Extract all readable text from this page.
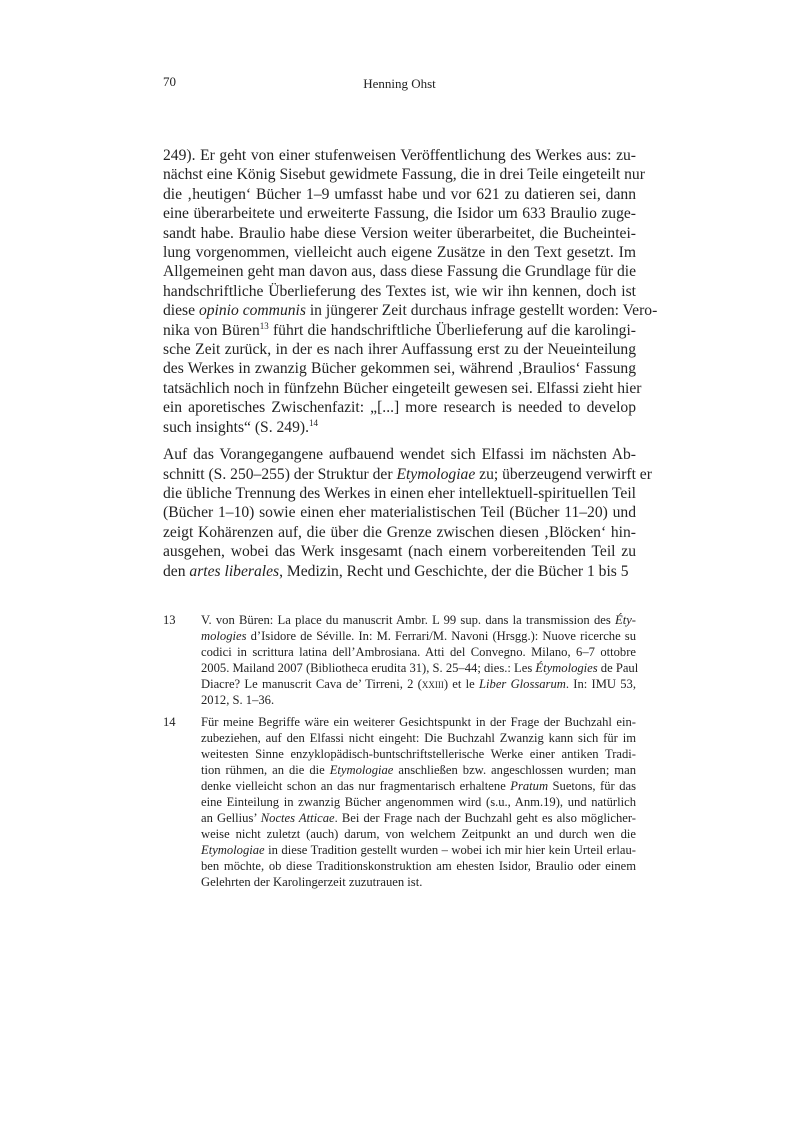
70	Henning Ohst
249). Er geht von einer stufenweisen Veröffentlichung des Werkes aus: zu-
nächst eine König Sisebut gewidmete Fassung, die in drei Teile eingeteilt nur
die ‚heutigen‘ Bücher 1–9 umfasst habe und vor 621 zu datieren sei, dann
eine überarbeitete und erweiterte Fassung, die Isidor um 633 Braulio zuge-
sandt habe. Braulio habe diese Version weiter überarbeitet, die Bucheintei-
lung vorgenommen, vielleicht auch eigene Zusätze in den Text gesetzt. Im
Allgemeinen geht man davon aus, dass diese Fassung die Grundlage für die
handschriftliche Überlieferung des Textes ist, wie wir ihn kennen, doch ist
diese opinio communis in jüngerer Zeit durchaus infrage gestellt worden: Vero-
nika von Büren$^{13}$ führt die handschriftliche Überlieferung auf die karolingi-
sche Zeit zurück, in der es nach ihrer Auffassung erst zu der Neueinteilung
des Werkes in zwanzig Bücher gekommen sei, während ‚Braulios‘ Fassung
tatsächlich noch in fünfzehn Bücher eingeteilt gewesen sei. Elfassi zieht hier
ein aporetisches Zwischenfazit: „[...] more research is needed to develop
such insights“ (S. 249).$^{14}$
Auf das Vorangegangene aufbauend wendet sich Elfassi im nächsten Ab-
schnitt (S. 250–255) der Struktur der Etymologiae zu; überzeugend verwirft er
die übliche Trennung des Werkes in einen eher intellektuell-spirituellen Teil
(Bücher 1–10) sowie einen eher materialistischen Teil (Bücher 11–20) und
zeigt Kohärenzen auf, die über die Grenze zwischen diesen ‚Blöcken‘ hin-
ausgehen, wobei das Werk insgesamt (nach einem vorbereitenden Teil zu
den artes liberales, Medizin, Recht und Geschichte, der die Bücher 1 bis 5
13 V. von Büren: La place du manuscrit Ambr. L 99 sup. dans la transmission des Éty-
mologies d’Isidore de Séville. In: M. Ferrari/M. Navoni (Hrsgg.): Nuove ricerche su
codici in scrittura latina dell’Ambrosiana. Atti del Convegno. Milano, 6–7 ottobre
2005. Mailand 2007 (Bibliotheca erudita 31), S. 25–44; dies.: Les Étymologies de Paul
Diacre? Le manuscrit Cava de’ Tirreni, 2 (xxiii) et le Liber Glossarum. In: IMU 53,
2012, S. 1–36.
14 Für meine Begriffe wäre ein weiterer Gesichtspunkt in der Frage der Buchzahl ein-
zubeziehen, auf den Elfassi nicht eingeht: Die Buchzahl Zwanzig kann sich für im
weitesten Sinne enzyklopädisch-buntschriftstellerische Werke einer antiken Tradi-
tion rühmen, an die die Etymologiae anschließen bzw. angeschlossen wurden; man
denke vielleicht schon an das nur fragmentarisch erhaltene Pratum Suetons, für das
eine Einteilung in zwanzig Bücher angenommen wird (s.u., Anm.19), und natürlich
an Gellius’ Noctes Atticae. Bei der Frage nach der Buchzahl geht es also möglicher-
weise nicht zuletzt (auch) darum, von welchem Zeitpunkt an und durch wen die
Etymologiae in diese Tradition gestellt wurden – wobei ich mir hier kein Urteil erlau-
ben möchte, ob diese Traditionskonstruktion am ehesten Isidor, Braulio oder einem
Gelehrten der Karolingerzeit zuzutrauen ist.
